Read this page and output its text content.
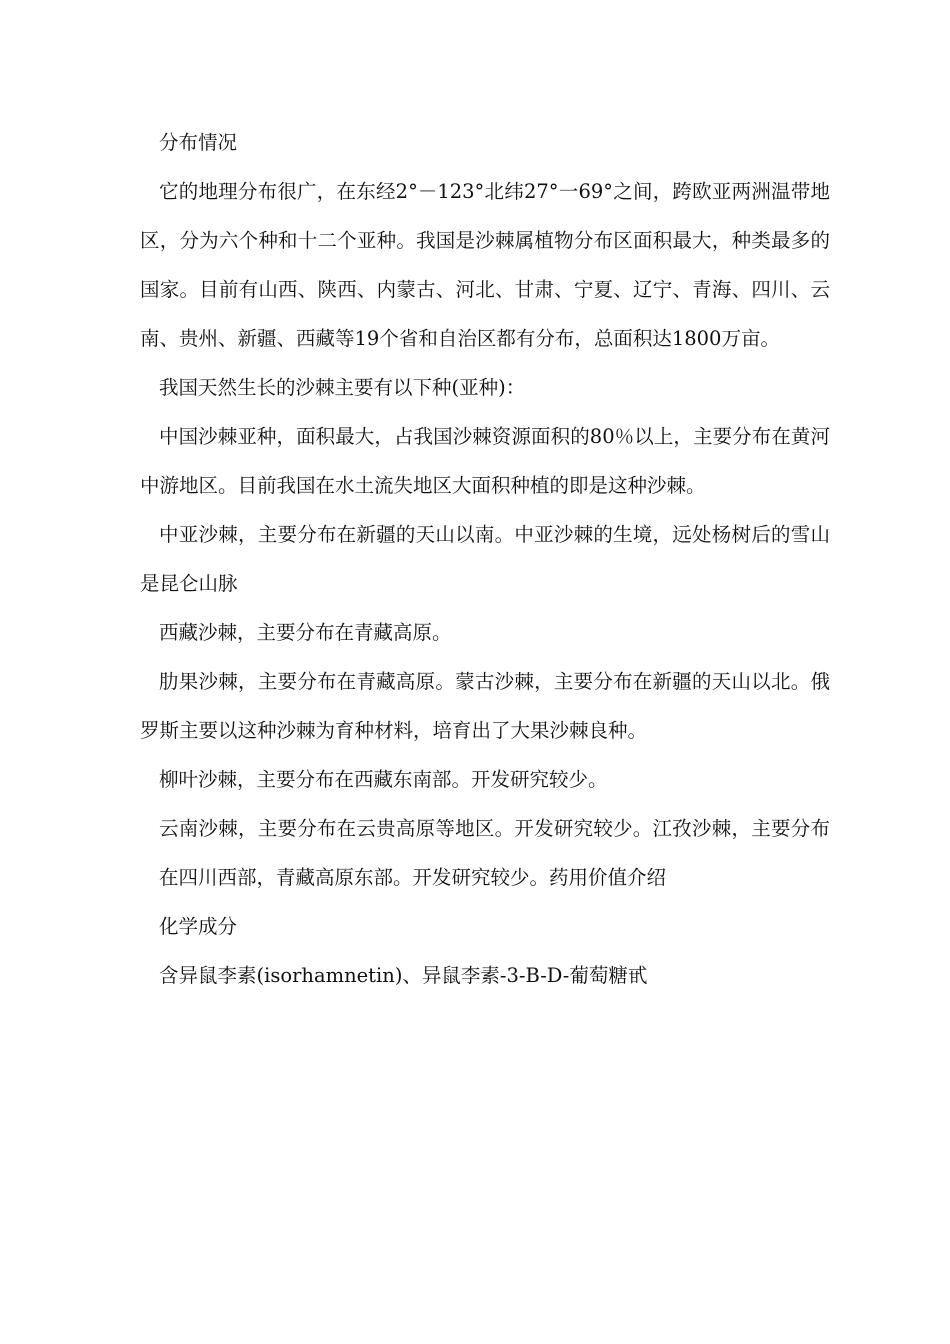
分布情况

它的地理分布很广，在东经2°－123°北纬27°一69°之间，跨欧亚两洲温带地区，分为六个种和十二个亚种。我国是沙棘属植物分布区面积最大，种类最多的国家。目前有山西、陕西、内蒙古、河北、甘肃、宁夏、辽宁、青海、四川、云南、贵州、新疆、西藏等19个省和自治区都有分布，总面积达1800万亩。

我国天然生长的沙棘主要有以下种(亚种)：

中国沙棘亚种，面积最大，占我国沙棘资源面积的80％以上，主要分布在黄河中游地区。目前我国在水土流失地区大面积种植的即是这种沙棘。

中亚沙棘，主要分布在新疆的天山以南。中亚沙棘的生境，远处杨树后的雪山是昆仑山脉

西藏沙棘，主要分布在青藏高原。

肋果沙棘，主要分布在青藏高原。蒙古沙棘，主要分布在新疆的天山以北。俄罗斯主要以这种沙棘为育种材料，培育出了大果沙棘良种。

柳叶沙棘，主要分布在西藏东南部。开发研究较少。

云南沙棘，主要分布在云贵高原等地区。开发研究较少。江孜沙棘，主要分布在四川西部，青藏高原东部。开发研究较少。药用价值介绍

化学成分

含异鼠李素(isorhamnetin)、异鼠李素-3-B-D-葡萄糖甙
